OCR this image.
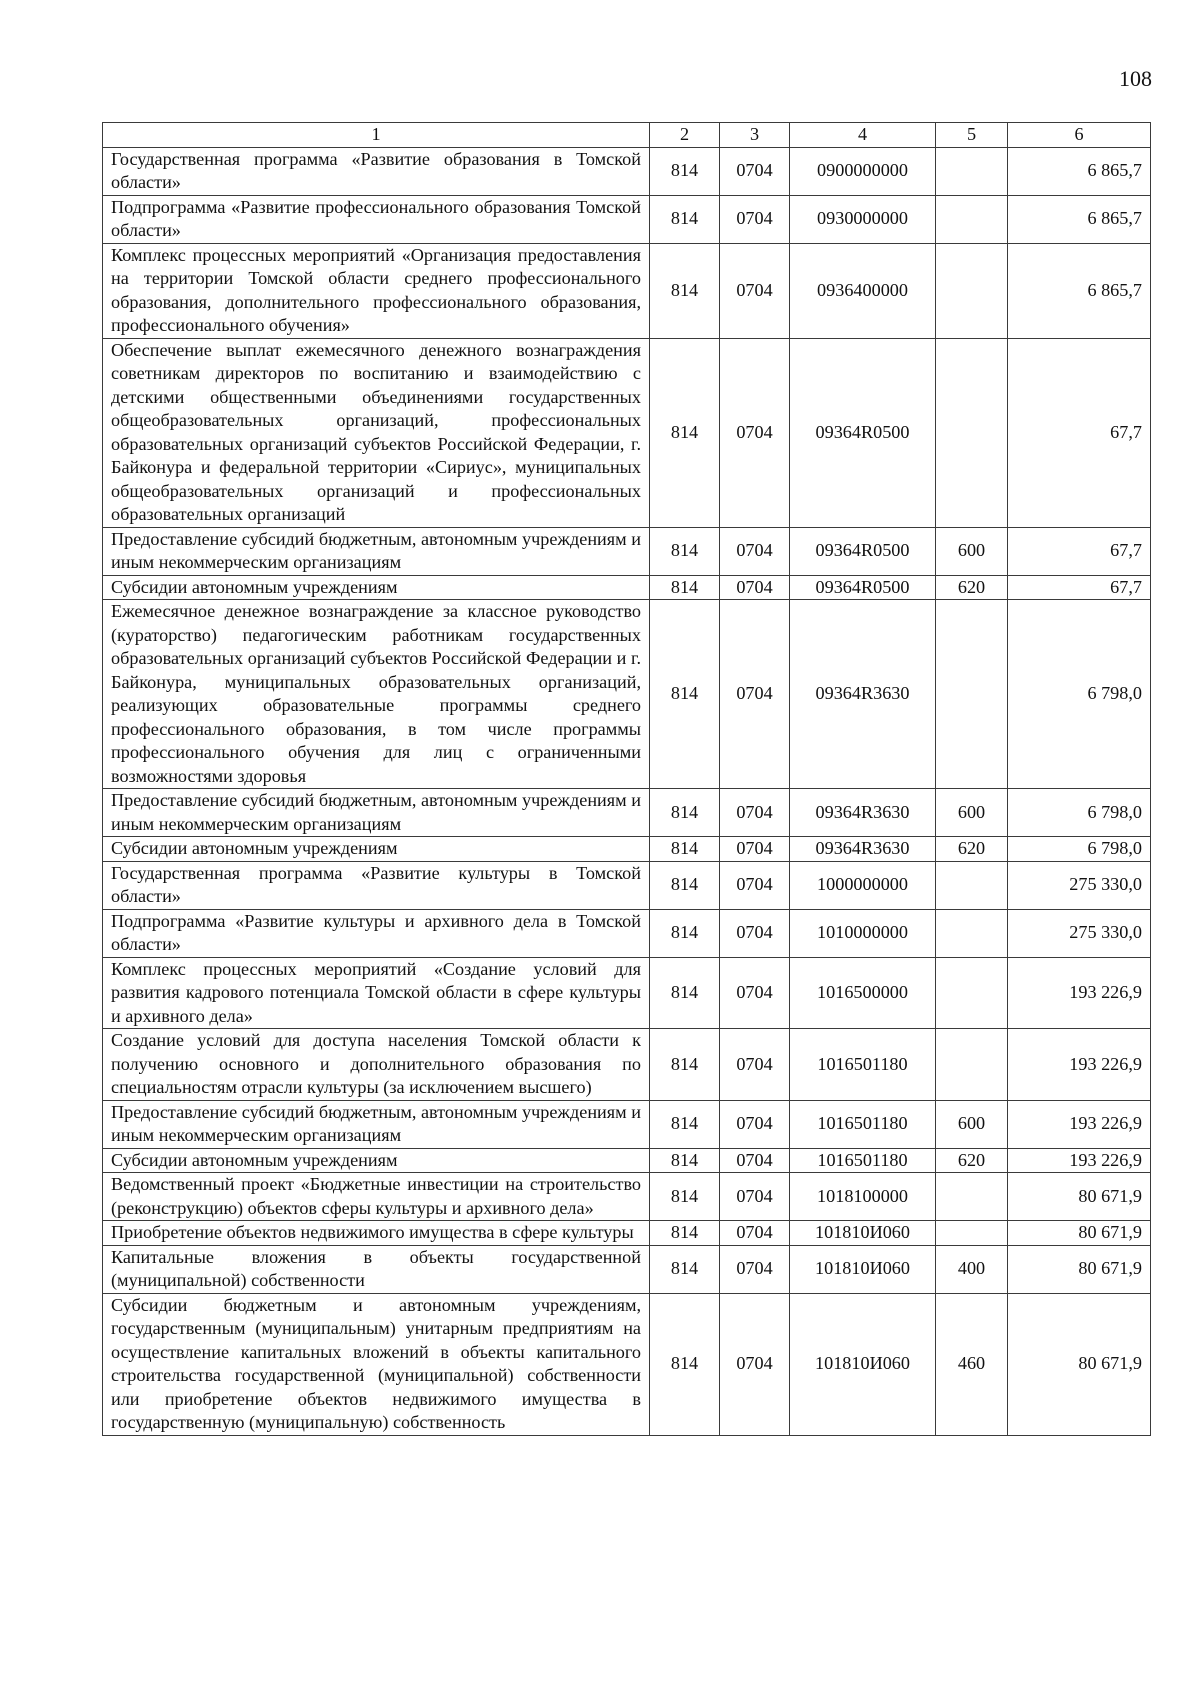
108
1	2	3	4	5	6
Государственная программа «Развитие образования в Томской области»	814	0704	0900000000		6 865,7
Подпрограмма «Развитие профессионального образования Томской области»	814	0704	0930000000		6 865,7
Комплекс процессных мероприятий «Организация предоставления на территории Томской области среднего профессионального образования, дополнительного профессионального образования, профессионального обучения»	814	0704	0936400000		6 865,7
Обеспечение выплат ежемесячного денежного вознаграждения советникам директоров по воспитанию и взаимодействию с детскими общественными объединениями государственных общеобразовательных организаций, профессиональных образовательных организаций субъектов Российской Федерации, г. Байконура и федеральной территории «Сириус», муниципальных общеобразовательных организаций и профессиональных образовательных организаций	814	0704	09364R0500		67,7
Предоставление субсидий бюджетным, автономным учреждениям и иным некоммерческим организациям	814	0704	09364R0500	600	67,7
Субсидии автономным учреждениям	814	0704	09364R0500	620	67,7
Ежемесячное денежное вознаграждение за классное руководство (кураторство) педагогическим работникам государственных образовательных организаций субъектов Российской Федерации и г. Байконура, муниципальных образовательных организаций, реализующих образовательные программы среднего профессионального образования, в том числе программы профессионального обучения для лиц с ограниченными возможностями здоровья	814	0704	09364R3630		6 798,0
Предоставление субсидий бюджетным, автономным учреждениям и иным некоммерческим организациям	814	0704	09364R3630	600	6 798,0
Субсидии автономным учреждениям	814	0704	09364R3630	620	6 798,0
Государственная программа «Развитие культуры в Томской области»	814	0704	1000000000		275 330,0
Подпрограмма «Развитие культуры и архивного дела в Томской области»	814	0704	1010000000		275 330,0
Комплекс процессных мероприятий «Создание условий для развития кадрового потенциала Томской области в сфере культуры и архивного дела»	814	0704	1016500000		193 226,9
Создание условий для доступа населения Томской области к получению основного и дополнительного образования по специальностям отрасли культуры (за исключением высшего)	814	0704	1016501180		193 226,9
Предоставление субсидий бюджетным, автономным учреждениям и иным некоммерческим организациям	814	0704	1016501180	600	193 226,9
Субсидии автономным учреждениям	814	0704	1016501180	620	193 226,9
Ведомственный проект «Бюджетные инвестиции на строительство (реконструкцию) объектов сферы культуры и архивного дела»	814	0704	1018100000		80 671,9
Приобретение объектов недвижимого имущества в сфере культуры	814	0704	101810И060		80 671,9
Капитальные вложения в объекты государственной (муниципальной) собственности	814	0704	101810И060	400	80 671,9
Субсидии бюджетным и автономным учреждениям, государственным (муниципальным) унитарным предприятиям на осуществление капитальных вложений в объекты капитального строительства государственной (муниципальной) собственности или приобретение объектов недвижимого имущества в государственную (муниципальную) собственность	814	0704	101810И060	460	80 671,9
